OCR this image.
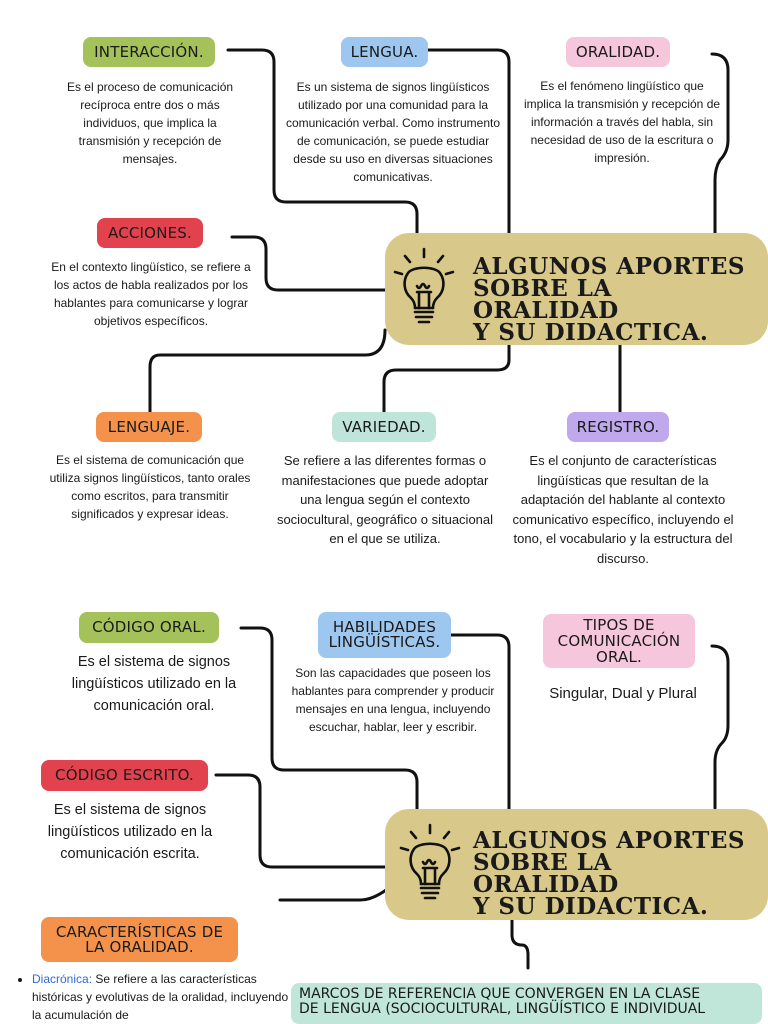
INTERACCIÓN.

Es el proceso de comunicación recíproca entre dos o más individuos, que implica la transmisión y recepción de mensajes.

LENGUA.

Es un sistema de signos lingüísticos utilizado por una comunidad para la comunicación verbal. Como instrumento de comunicación, se puede estudiar desde su uso en diversas situaciones comunicativas.

ORALIDAD.

Es el fenómeno lingüístico que implica la transmisión y recepción de información a través del habla, sin necesidad de uso de la escritura o impresión.

ACCIONES.

En el contexto lingüístico, se refiere a los actos de habla realizados por los hablantes para comunicarse y lograr objetivos específicos.

ALGUNOS APORTES
SOBRE LA ORALIDAD
Y SU DIDACTICA.
LENGUAJE.

Es el sistema de comunicación que utiliza signos lingüísticos, tanto orales como escritos, para transmitir significados y expresar ideas.

VARIEDAD.

Se refiere a las diferentes formas o manifestaciones que puede adoptar una lengua según el contexto sociocultural, geográfico o situacional en el que se utiliza.

REGISTRO.

Es el conjunto de características lingüísticas que resultan de la adaptación del hablante al contexto comunicativo específico, incluyendo el tono, el vocabulario y la estructura del discurso.

CÓDIGO ORAL.

Es el sistema de signos lingüísticos utilizado en la comunicación oral.

HABILIDADES
LINGÜÍSTICAS.

Son las capacidades que poseen los hablantes para comprender y producir mensajes en una lengua, incluyendo escuchar, hablar, leer y escribir.

TIPOS DE
COMUNICACIÓN
ORAL.

Singular, Dual y Plural

CÓDIGO ESCRITO.

Es el sistema de signos lingüísticos utilizado en la comunicación escrita.	ALGUNOS APORTES
SOBRE LA ORALIDAD
Y SU DIDACTICA.
CARACTERÍSTICAS DE
LA ORALIDAD.
• Diacrónica: Se refiere a las características históricas y evolutivas de la oralidad, incluyendo la acumulación de
MARCOS DE REFERENCIA QUE CONVERGEN EN LA CLASE
DE LENGUA (SOCIOCULTURAL, LINGÜÍSTICO E INDIVIDUAL
